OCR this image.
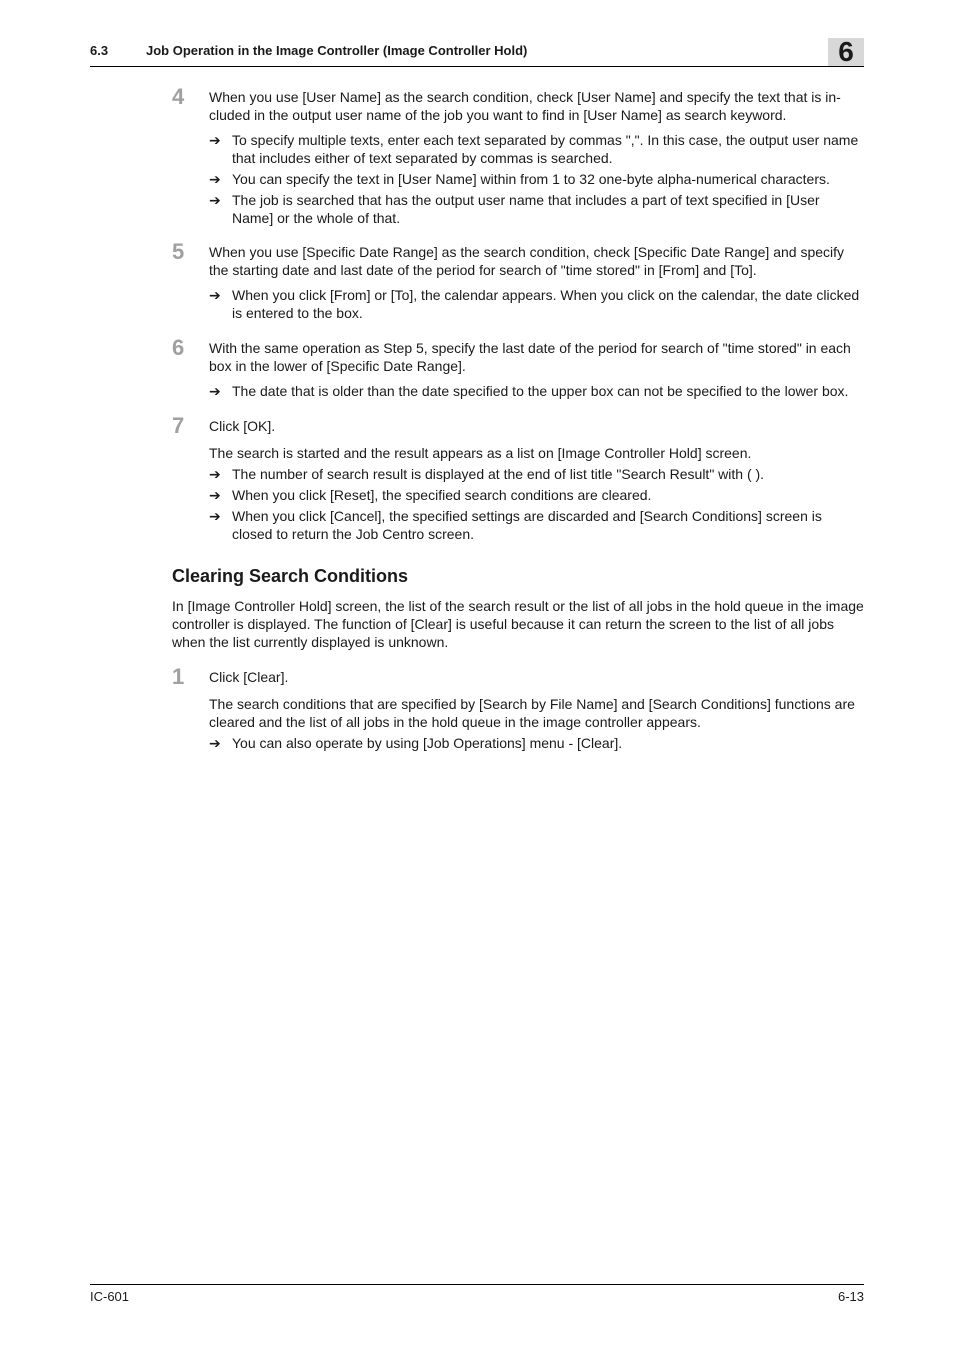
6.3	Job Operation in the Image Controller (Image Controller Hold)	6
4 When you use [User Name] as the search condition, check [User Name] and specify the text that is in-cluded in the output user name of the job you want to find in [User Name] as search keyword.

➔ To specify multiple texts, enter each text separated by commas ",". In this case, the output user name that includes either of text separated by commas is searched.
➔ You can specify the text in [User Name] within from 1 to 32 one-byte alpha-numerical characters.
➔ The job is searched that has the output user name that includes a part of text specified in [User Name] or the whole of that.
5 When you use [Specific Date Range] as the search condition, check [Specific Date Range] and specify the starting date and last date of the period for search of "time stored" in [From] and [To].

➔ When you click [From] or [To], the calendar appears. When you click on the calendar, the date clicked is entered to the box.
6 With the same operation as Step 5, specify the last date of the period for search of "time stored" in each box in the lower of [Specific Date Range].

➔ The date that is older than the date specified to the upper box can not be specified to the lower box.
7 Click [OK].

The search is started and the result appears as a list on [Image Controller Hold] screen.

➔ The number of search result is displayed at the end of list title "Search Result" with ( ).
➔ When you click [Reset], the specified search conditions are cleared.
➔ When you click [Cancel], the specified settings are discarded and [Search Conditions] screen is closed to return the Job Centro screen.
Clearing Search Conditions

In [Image Controller Hold] screen, the list of the search result or the list of all jobs in the hold queue in the image controller is displayed. The function of [Clear] is useful because it can return the screen to the list of all jobs when the list currently displayed is unknown.

1 Click [Clear].

The search conditions that are specified by [Search by File Name] and [Search Conditions] functions are cleared and the list of all jobs in the hold queue in the image controller appears.

➔ You can also operate by using [Job Operations] menu - [Clear].
IC-601	6-13
